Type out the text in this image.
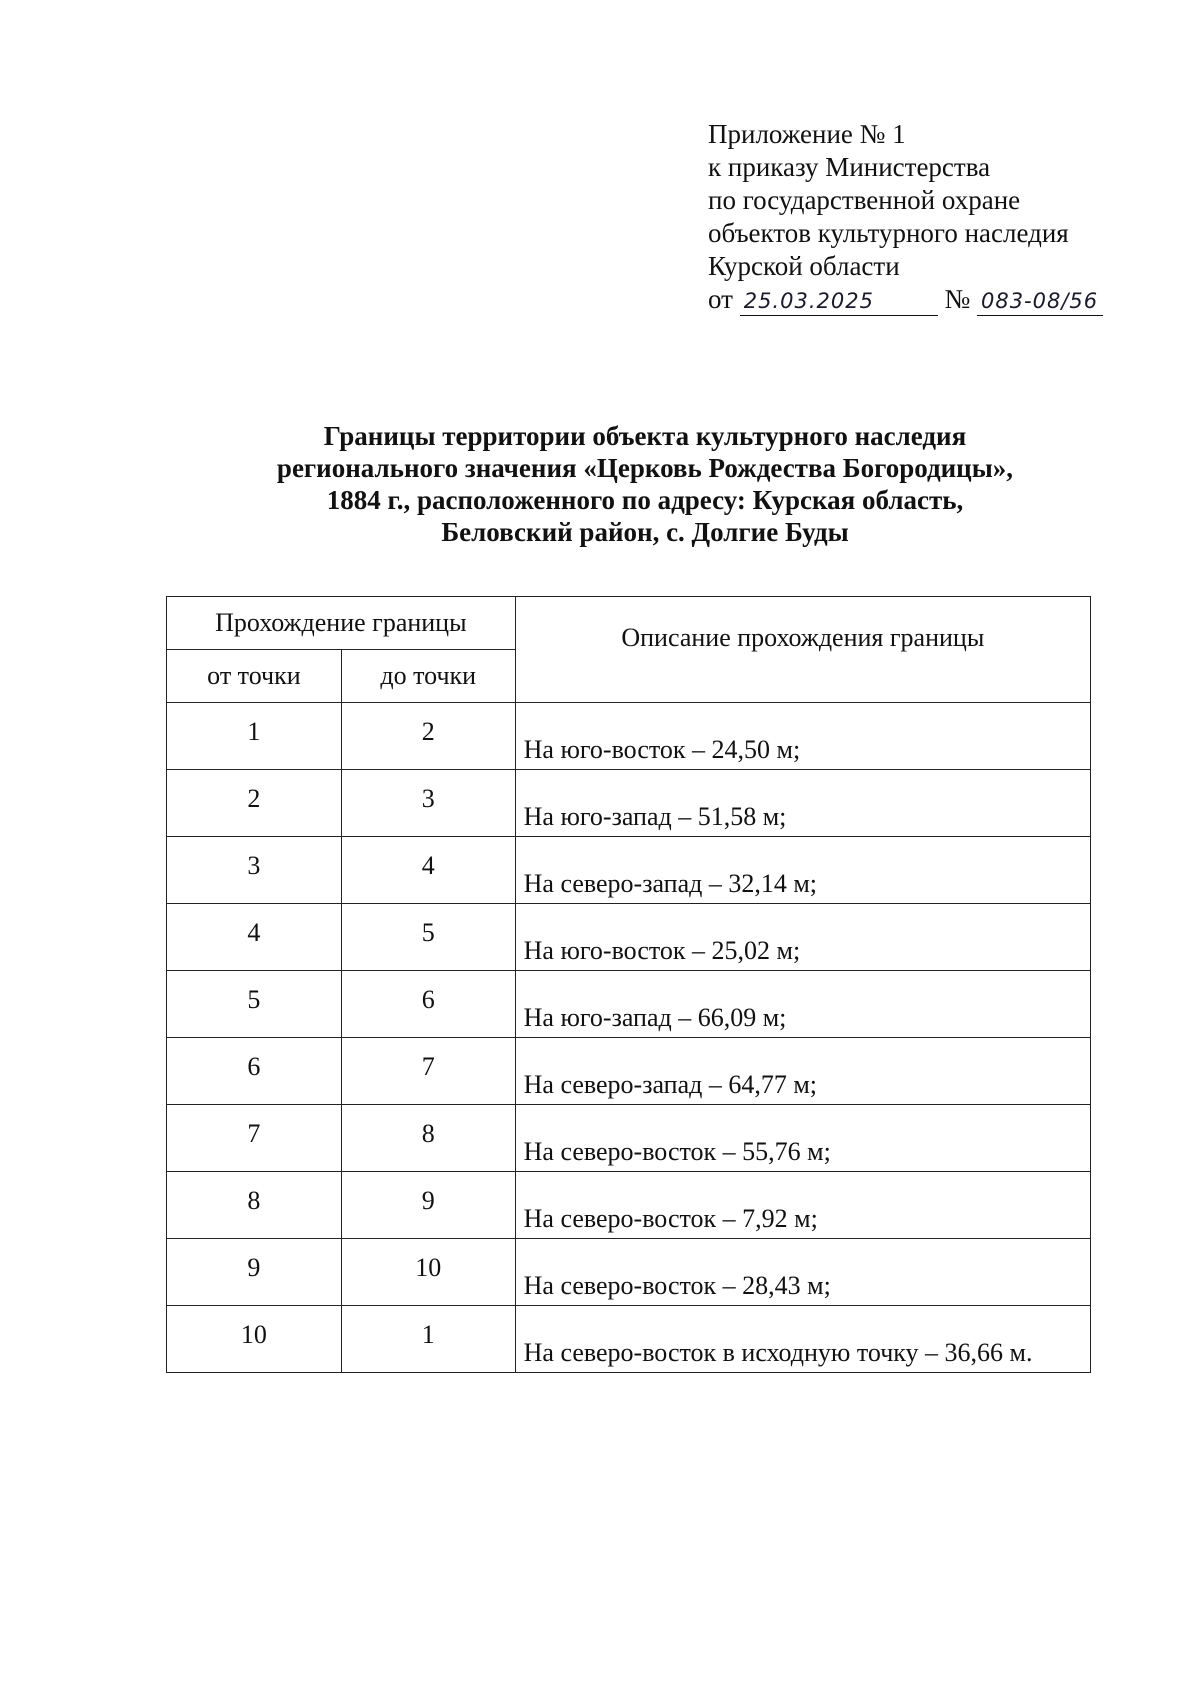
Приложение № 1
к приказу Министерства
по государственной охране
объектов культурного наследия
Курской области
от 25.03.2025	№ 083-08/56
Границы территории объекта культурного наследия
регионального значения «Церковь Рождества Богородицы»,
1884 г., расположенного по адресу: Курская область,
Беловский район, с. Долгие Буды
Прохождение границы		Описание прохождения границы
от точки	до точки	
1	2	На юго-восток – 24,50 м;
2	3	На юго-запад – 51,58 м;
3	4	На северо-запад – 32,14 м;
4	5	На юго-восток – 25,02 м;
5	6	На юго-запад – 66,09 м;
6	7	На северо-запад – 64,77 м;
7	8	На северо-восток – 55,76 м;
8	9	На северо-восток – 7,92 м;
9	10	На северо-восток – 28,43 м;
10	1	На северо-восток в исходную точку – 36,66 м.
